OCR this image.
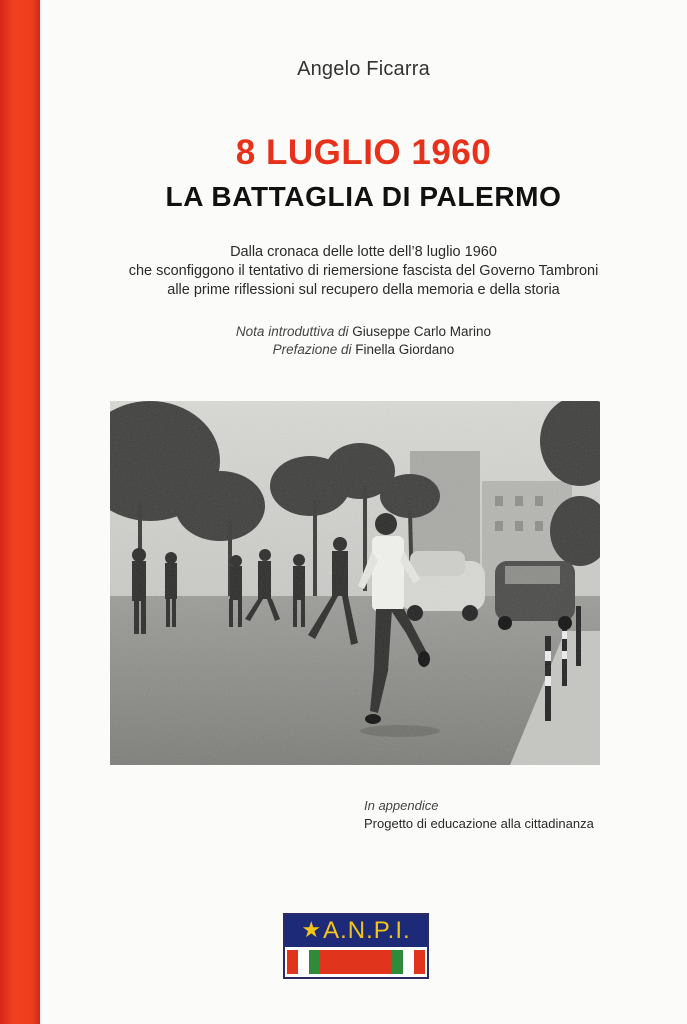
Angelo Ficarra
8 LUGLIO 1960
LA BATTAGLIA DI PALERMO
Dalla cronaca delle lotte dell’8 luglio 1960
che sconfiggono il tentativo di riemersione fascista del Governo Tambroni
alle prime riflessioni sul recupero della memoria e della storia
Nota introduttiva di Giuseppe Carlo Marino
Prefazione di Finella Giordano
In appendice
Progetto di educazione alla cittadinanza
★ A.N.P.I.
